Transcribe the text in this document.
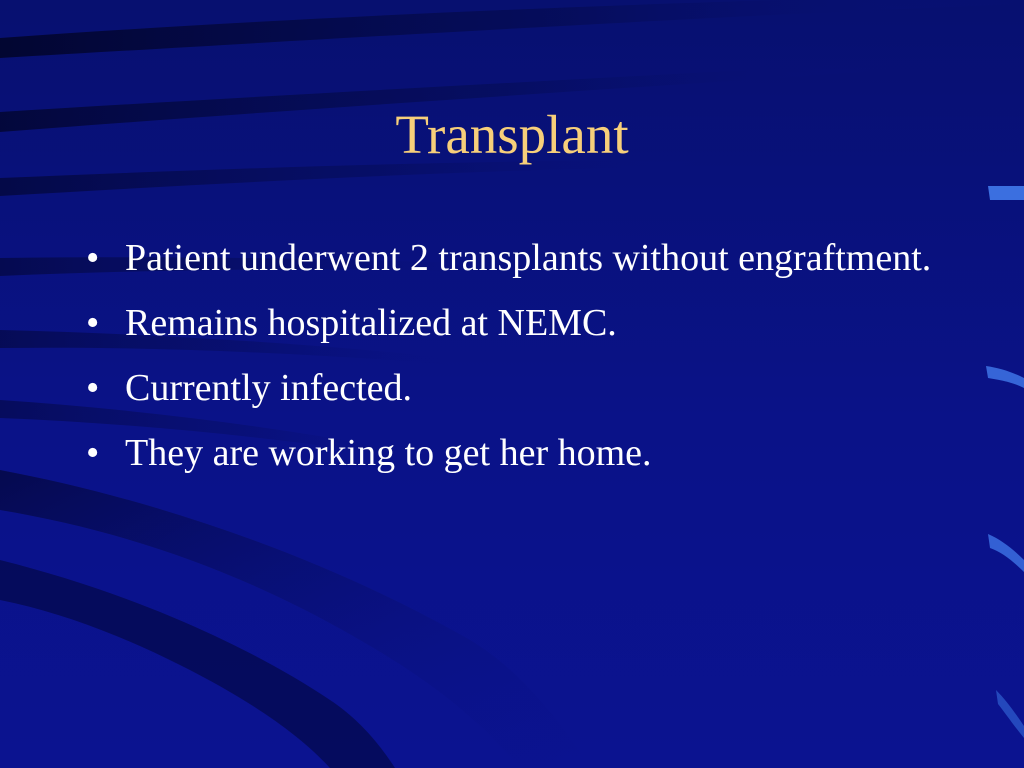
Transplant
• Patient underwent 2 transplants without engraftment.
• Remains hospitalized at NEMC.
• Currently infected.
• They are working to get her home.
